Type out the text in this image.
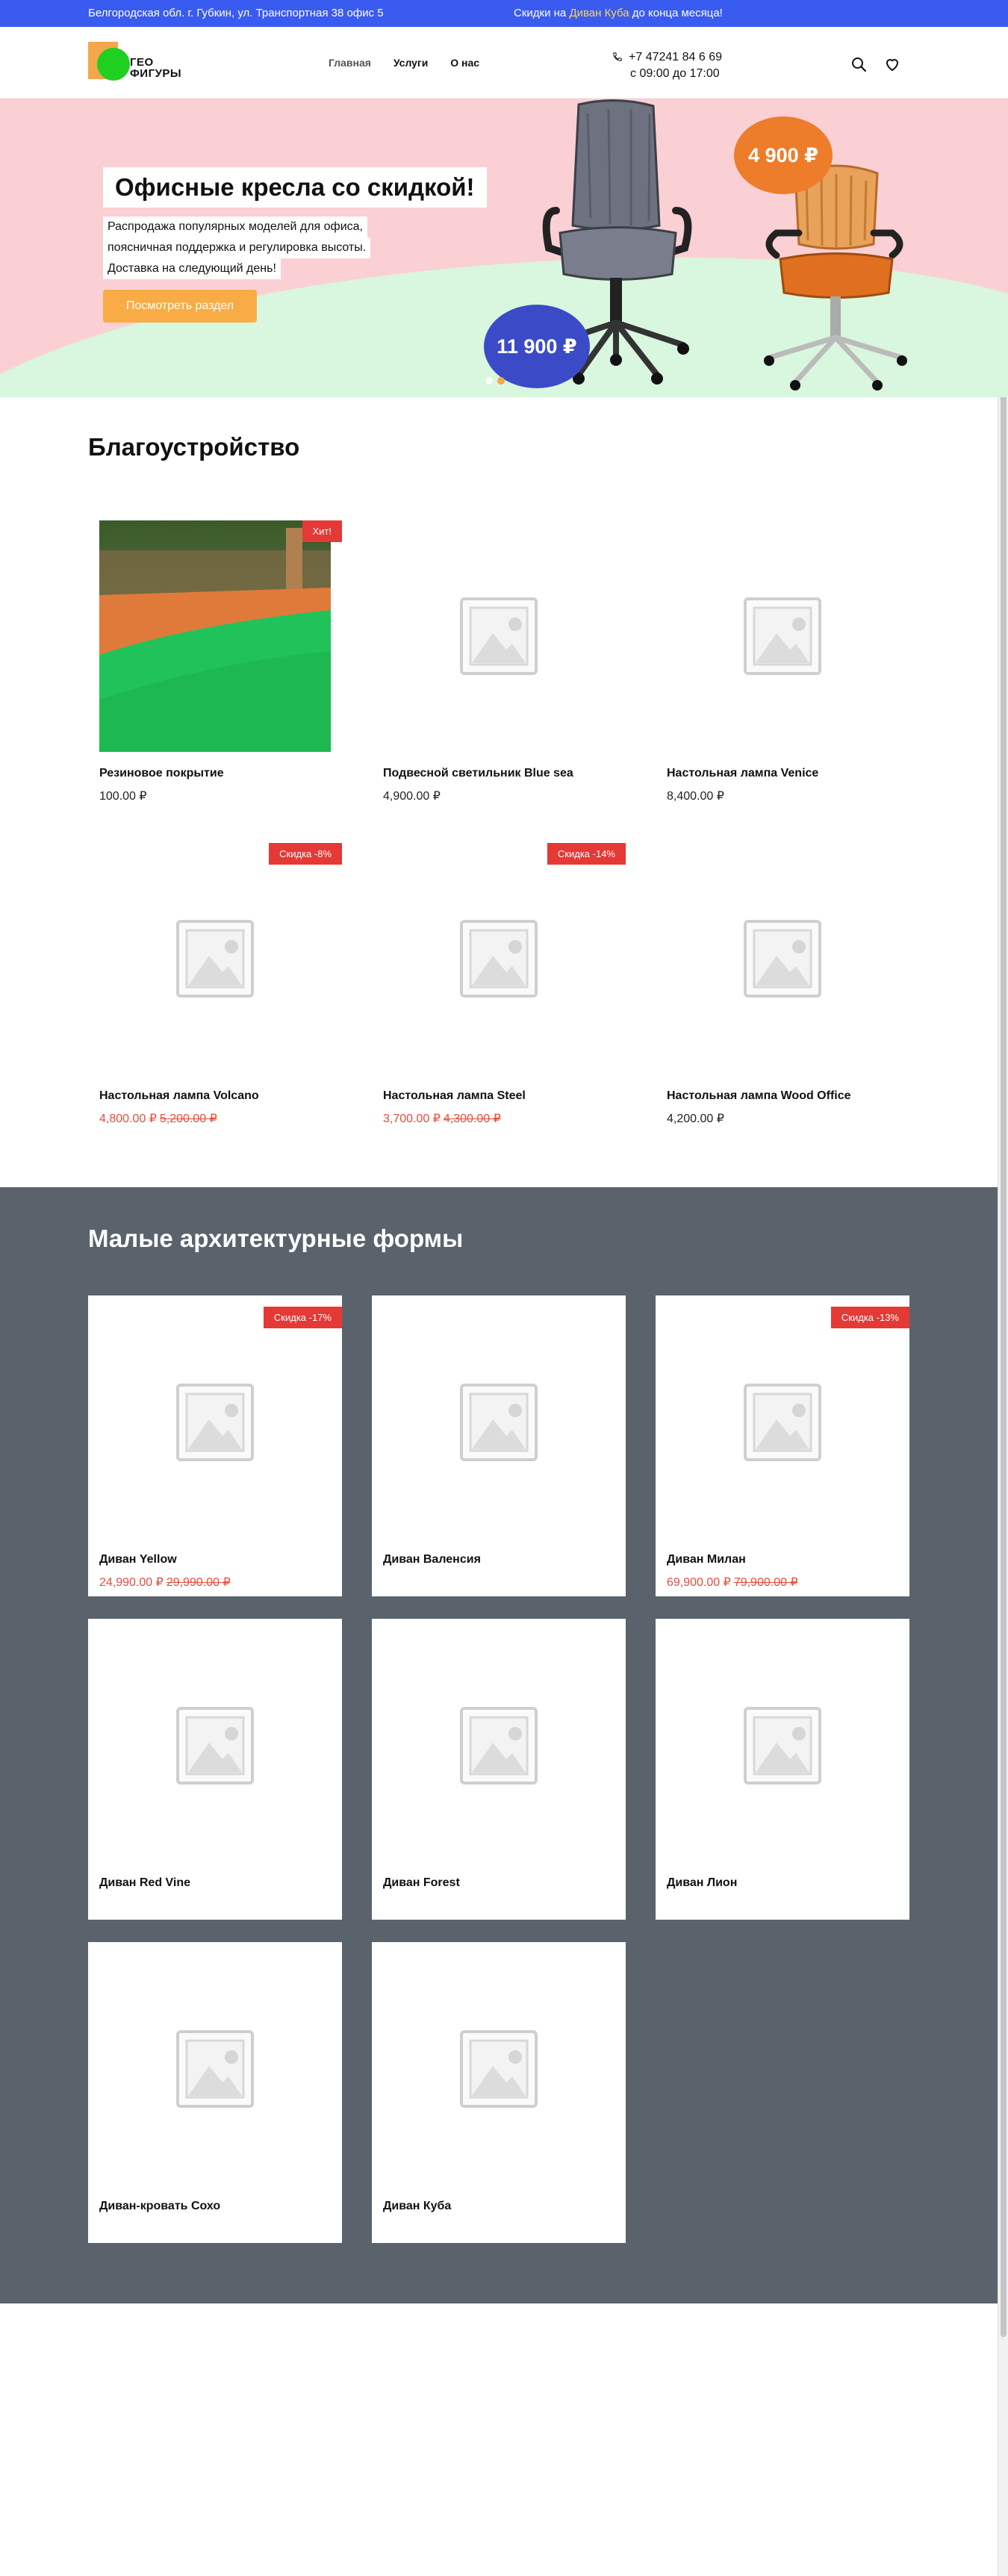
Белгородская обл. г. Губкин, ул. Транспортная 38 офис 5	Скидки на Диван Куба до конца месяца!
ГЕО
ФИГУРЫ
Главная Услуги О нас	+7 47241 84 6 69
с 09:00 до 17:00
Офисные кресла со скидкой!
Распродажа популярных моделей для офиса,
поясничная поддержка и регулировка высоты.
Доставка на следующий день!
Посмотреть раздел
4 900 ₽
11 900 ₽
Благоустройство
Хит!
Резиновое покрытие
100.00 ₽
Подвесной светильник Blue sea
4,900.00 ₽
Настольная лампа Venice
8,400.00 ₽
Скидка -8%
Настольная лампа Volcano
4,800.00 ₽ 5,200.00 ₽
Скидка -14%
Настольная лампа Steel
3,700.00 ₽ 4,300.00 ₽
Настольная лампа Wood Office
4,200.00 ₽
Малые архитектурные формы
Скидка -17%
Диван Yellow
24,990.00 ₽ 29,990.00 ₽
Диван Валенсия
Скидка -13%
Диван Милан
69,900.00 ₽ 79,900.00 ₽
Диван Red Vine	Диван Forest	Диван Лион
Диван-кровать Сохо	Диван Куба
